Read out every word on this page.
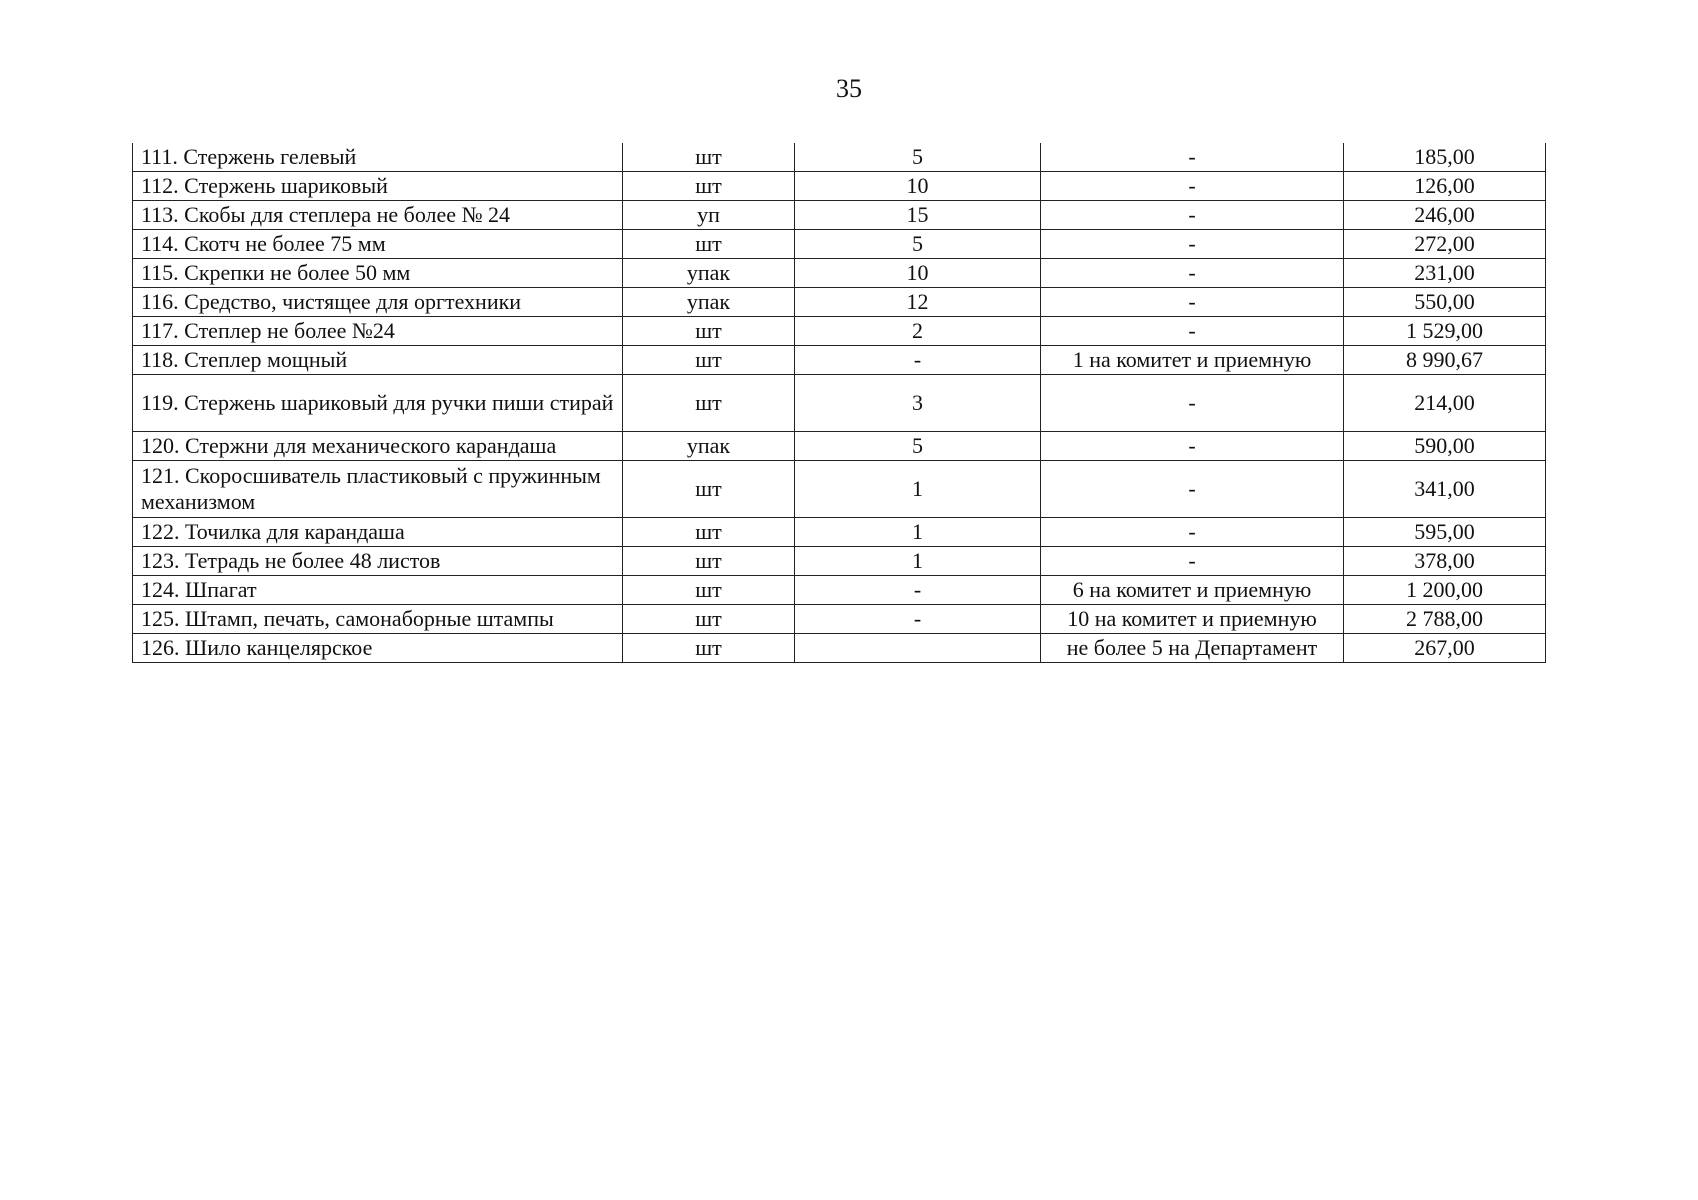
35
111. Стержень гелевый	шт	5	-	185,00
112. Стержень шариковый	шт	10	-	126,00
113. Скобы для степлера не более № 24	уп	15	-	246,00
114. Скотч не более 75 мм	шт	5	-	272,00
115. Скрепки не более 50 мм	упак	10	-	231,00
116. Средство, чистящее для оргтехники	упак	12	-	550,00
117. Степлер не более №24	шт	2	-	1 529,00
118. Степлер мощный	шт	-	1 на комитет и приемную	8 990,67
119. Стержень шариковый для ручки пиши стирай	шт	3	-	214,00
120. Стержни для механического карандаша	упак	5	-	590,00
121. Скоросшиватель пластиковый с пружинным механизмом	шт	1	-	341,00
122. Точилка для карандаша	шт	1	-	595,00
123. Тетрадь не более 48 листов	шт	1	-	378,00
124. Шпагат	шт	-	6 на комитет и приемную	1 200,00
125. Штамп, печать, самонаборные штампы	шт	-	10 на комитет и приемную	2 788,00
126. Шило канцелярское	шт		не более 5 на Департамент	267,00
